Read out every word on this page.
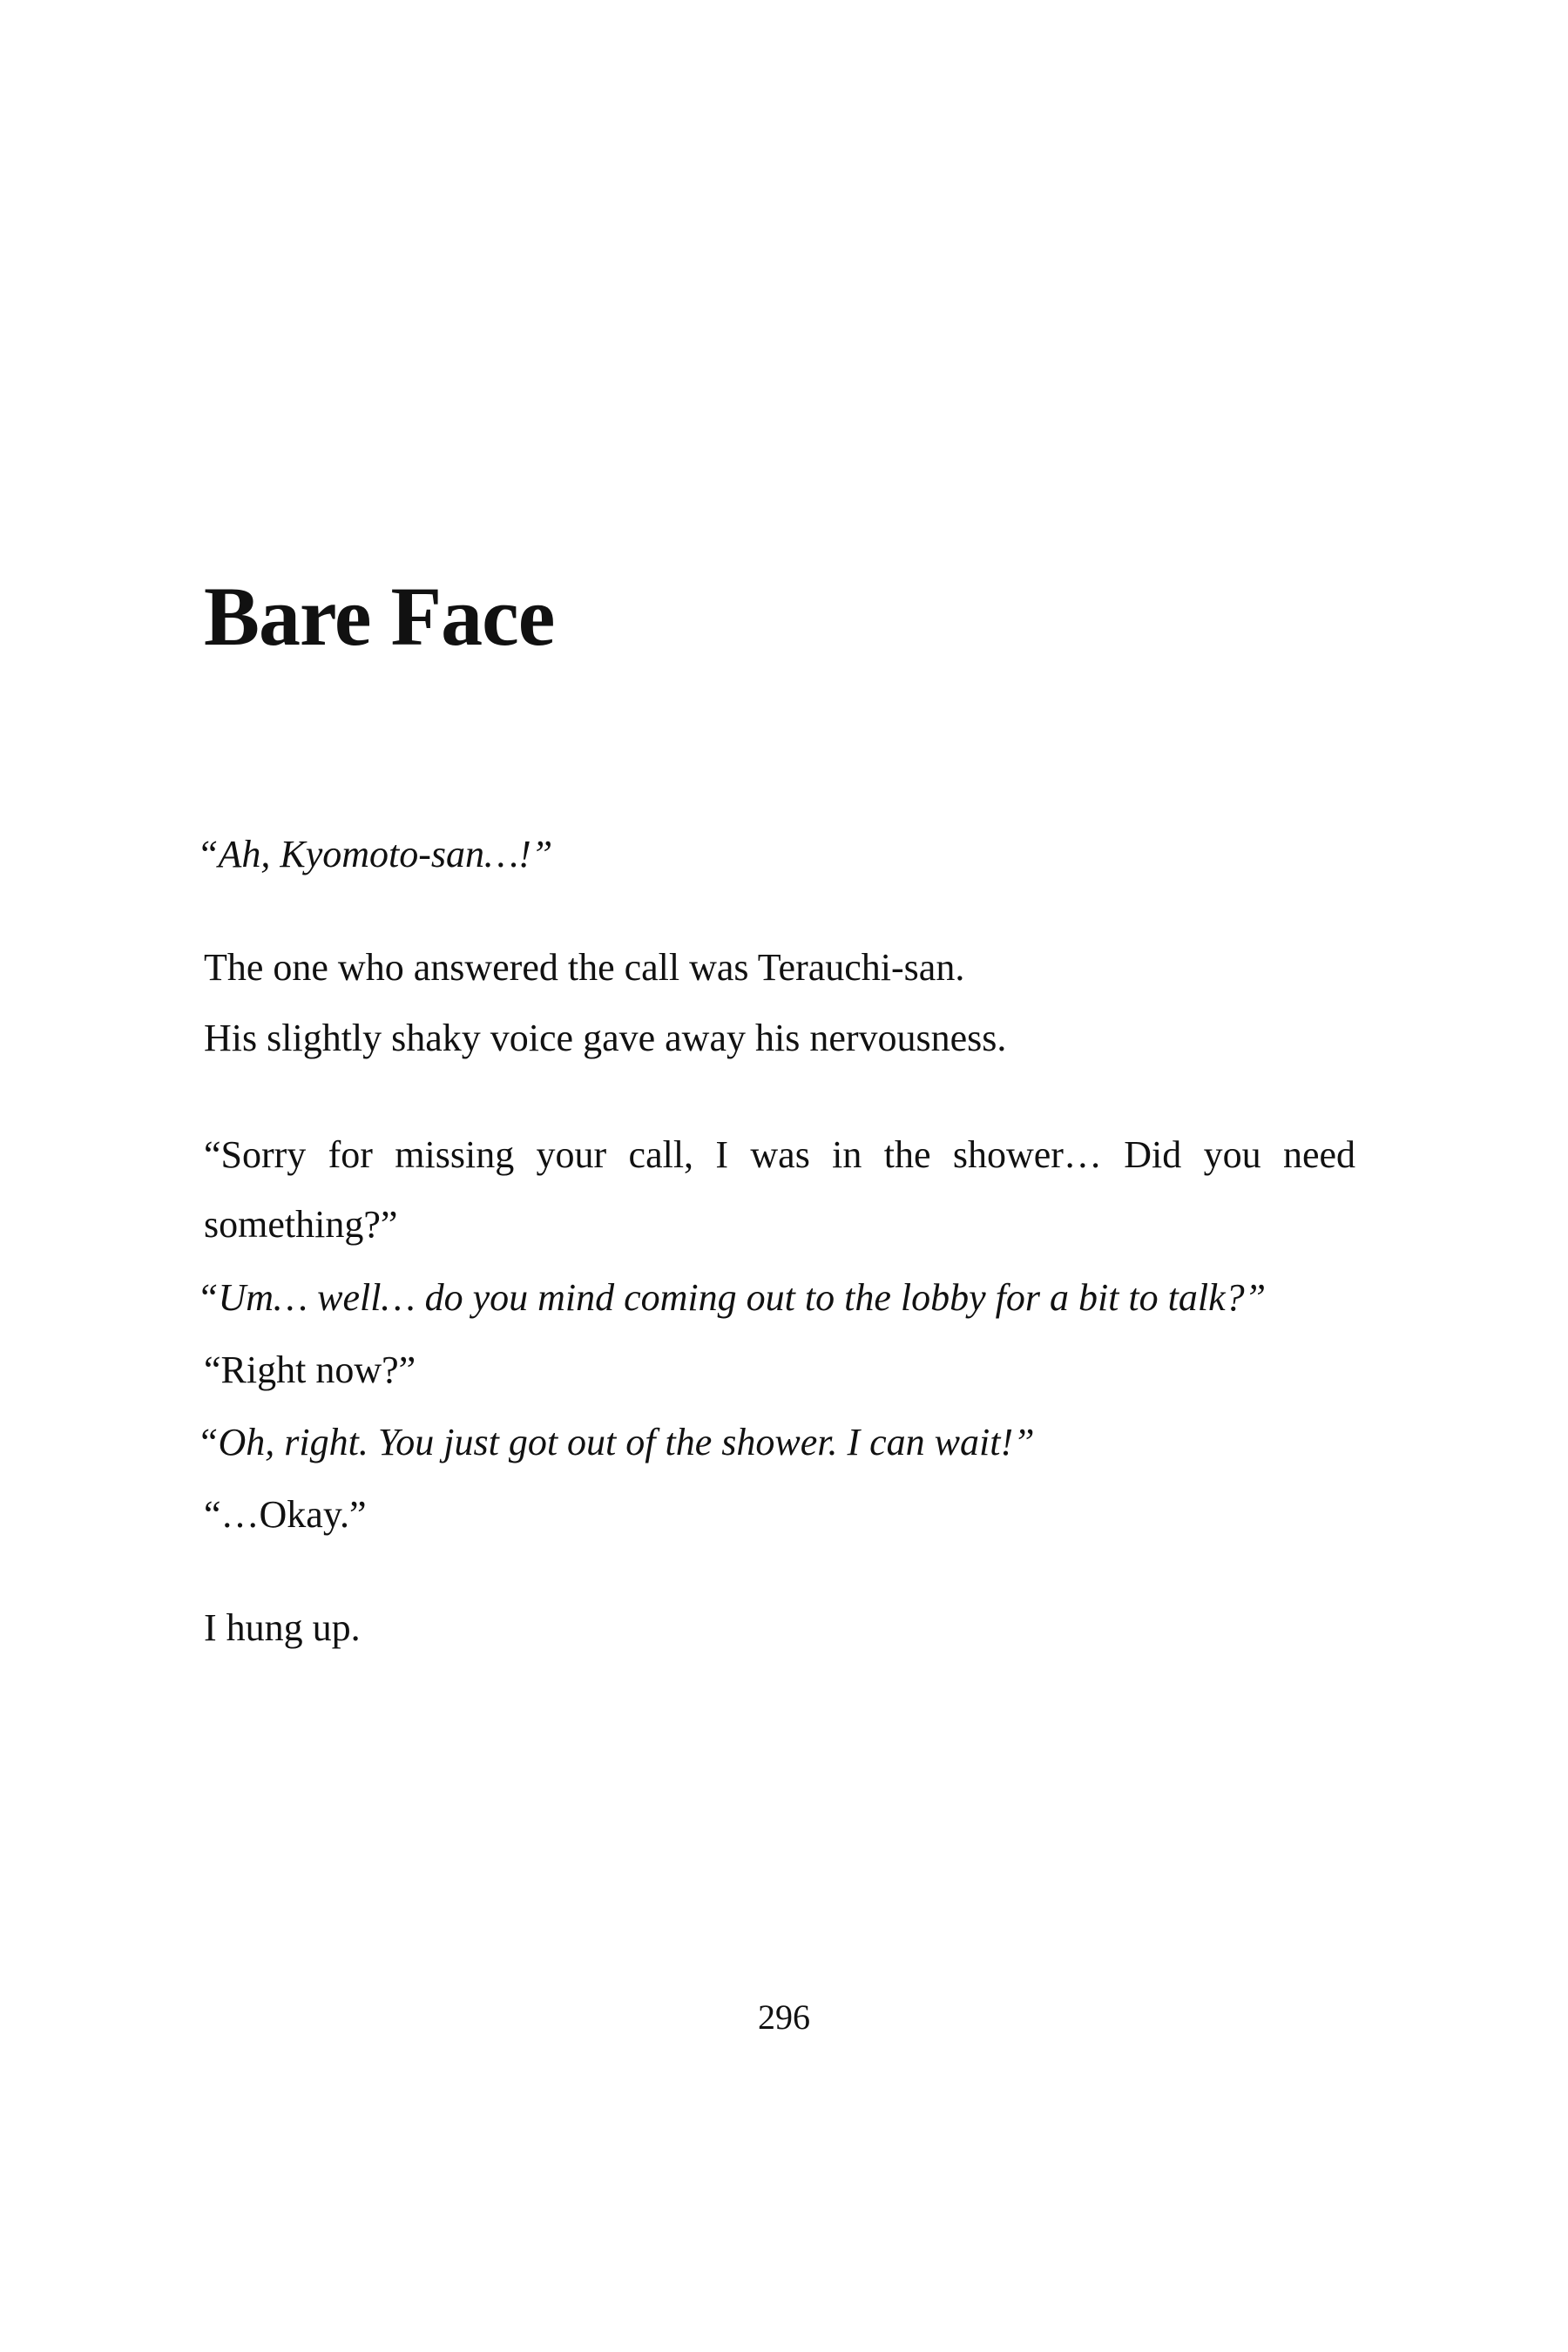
Bare Face

“Ah, Kyomoto-san…!”

The one who answered the call was Terauchi-san.

His slightly shaky voice gave away his nervousness.

“Sorry for missing your call, I was in the shower… Did you need

something?”

“Um… well… do you mind coming out to the lobby for a bit to talk?”

“Right now?”

“Oh, right. You just got out of the shower. I can wait!”

“…Okay.”

I hung up.

296
